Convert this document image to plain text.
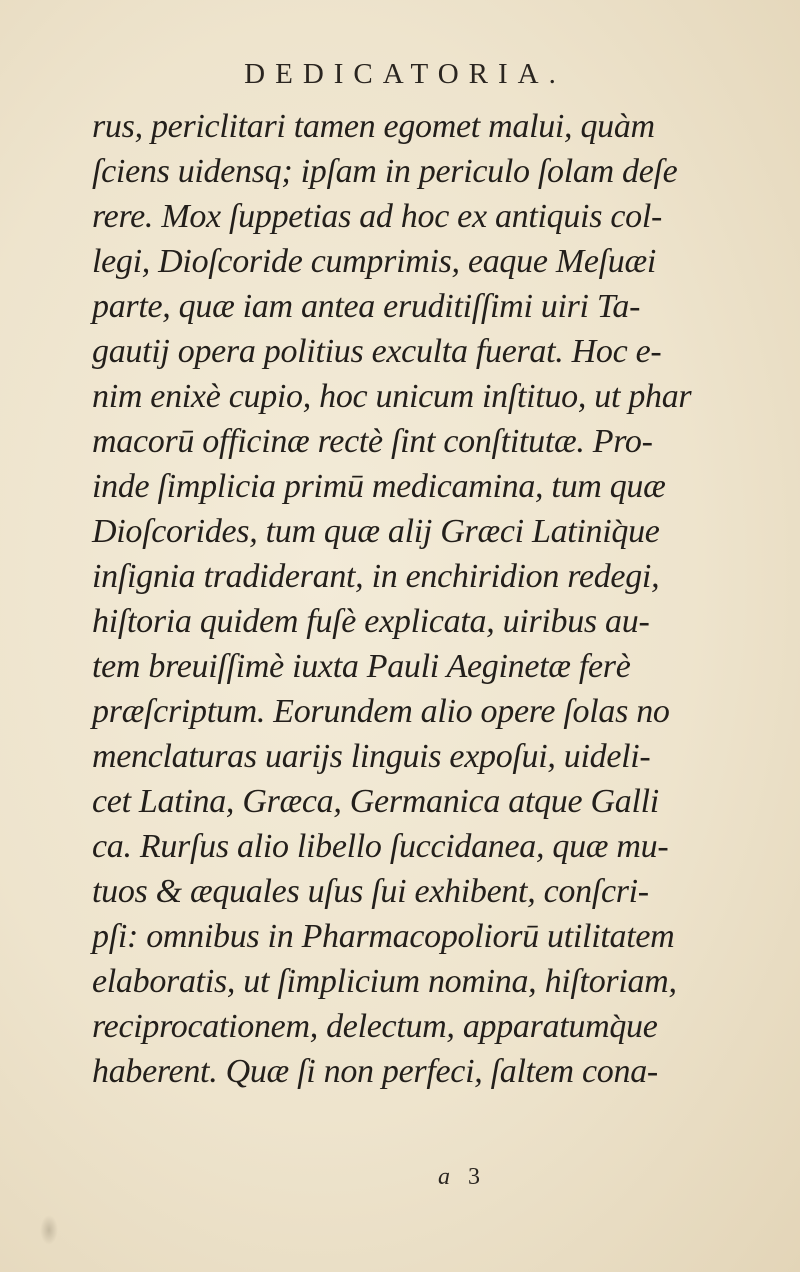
DEDICATORIA.
rus, periclitari tamen egomet malui, quàm
ſciens uidensq; ipſam in periculo ſolam deſe
rere. Mox ſuppetias ad hoc ex antiquis col-
legi, Dioſcoride cumprimis, eaque Meſuæi
parte, quæ iam antea eruditiſſimi uiri Ta-
gautij opera politius exculta fuerat. Hoc e-
nim enixè cupio, hoc unicum inſtituo, ut phar
macorū officinæ rectè ſint conſtitutæ. Pro-
inde ſimplicia primū medicamina, tum quæ
Dioſcorides, tum quæ alij Græci Latiniq̀ue
inſignia tradiderant, in enchiridion redegi,
hiſtoria quidem fuſè explicata, uiribus au-
tem breuiſſimè iuxta Pauli Aeginetæ ferè
præſcriptum. Eorundem alio opere ſolas no
menclaturas uarijs linguis expoſui, uideli-
cet Latina, Græca, Germanica atque Galli
ca. Rurſus alio libello ſuccidanea, quæ mu-
tuos & æquales uſus ſui exhibent, conſcri-
pſi: omnibus in Pharmacopoliorū utilitatem
elaboratis, ut ſimplicium nomina, hiſtoriam,
reciprocationem, delectum, apparatumq̀ue
haberent. Quæ ſi non perfeci, ſaltem cona-
a 3
